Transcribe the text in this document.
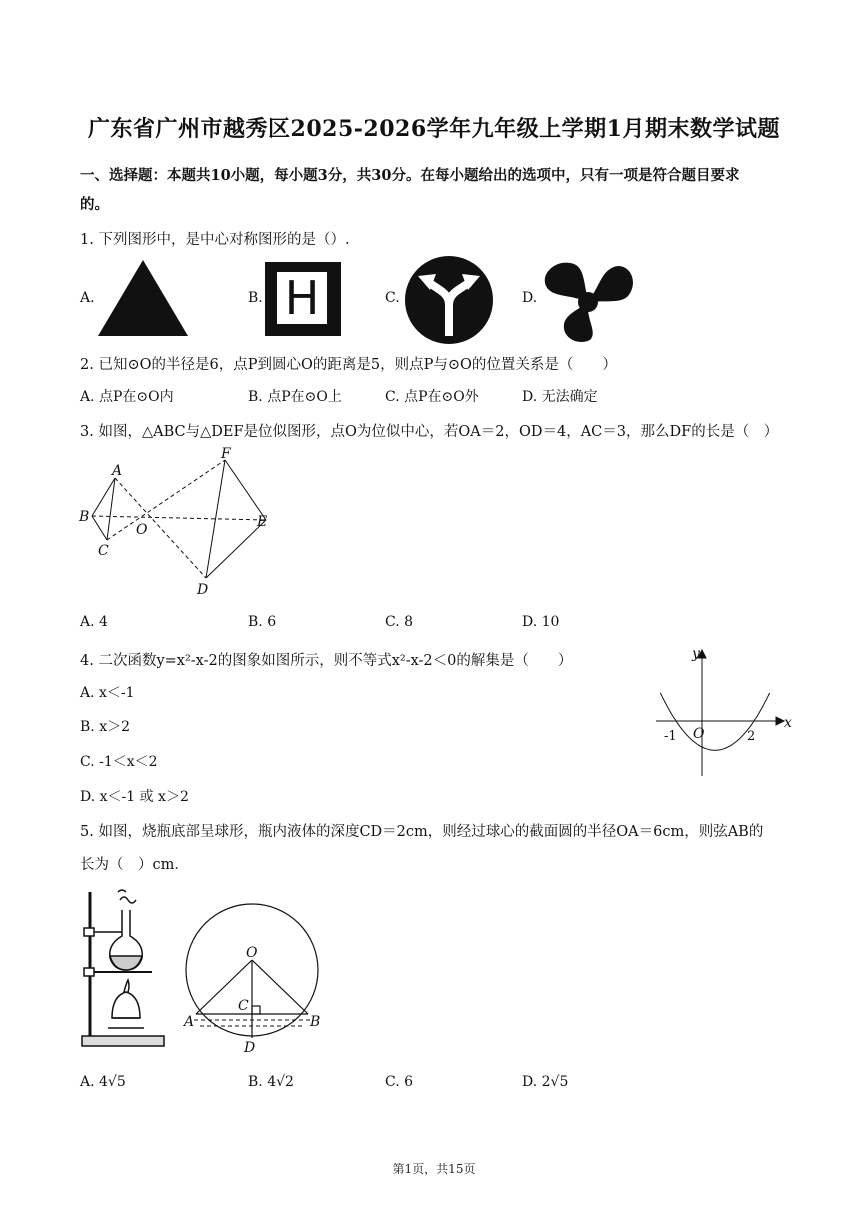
广东省广州市越秀区2025-2026学年九年级上学期1月期末数学试题
一、选择题：本题共10小题，每小题3分，共30分。在每小题给出的选项中，只有一项是符合题目要求
的。
1. 下列图形中，是中心对称图形的是（）.
A.	B. H	C.	D.
2. 已知⊙O的半径是6，点P到圆心O的距离是5，则点P与⊙O的位置关系是（　　）
A. 点P在⊙O内	B. 点P在⊙O上	C. 点P在⊙O外	D. 无法确定
3. 如图，△ABC与△DEF是位似图形，点O为位似中心，若OA＝2，OD＝4，AC＝3，那么DF的长是（　）
A
B
C
O
F
E
D
A. 4	B. 6	C. 8	D. 10
4. 二次函数y=x²-x-2的图象如图所示，则不等式x²-x-2＜0的解集是（　　）
A. x＜-1
B. x＞2
C. -1＜x＜2
D. x＜-1 或 x＞2
y
x
O
-1	2
5. 如图，烧瓶底部呈球形，瓶内液体的深度CD＝2cm，则经过球心的截面圆的半径OA＝6cm，则弦AB的
长为（　）cm．
O
C
A	B
D
A. 4√5	B. 4√2	C. 6	D. 2√5
第1页，共15页
